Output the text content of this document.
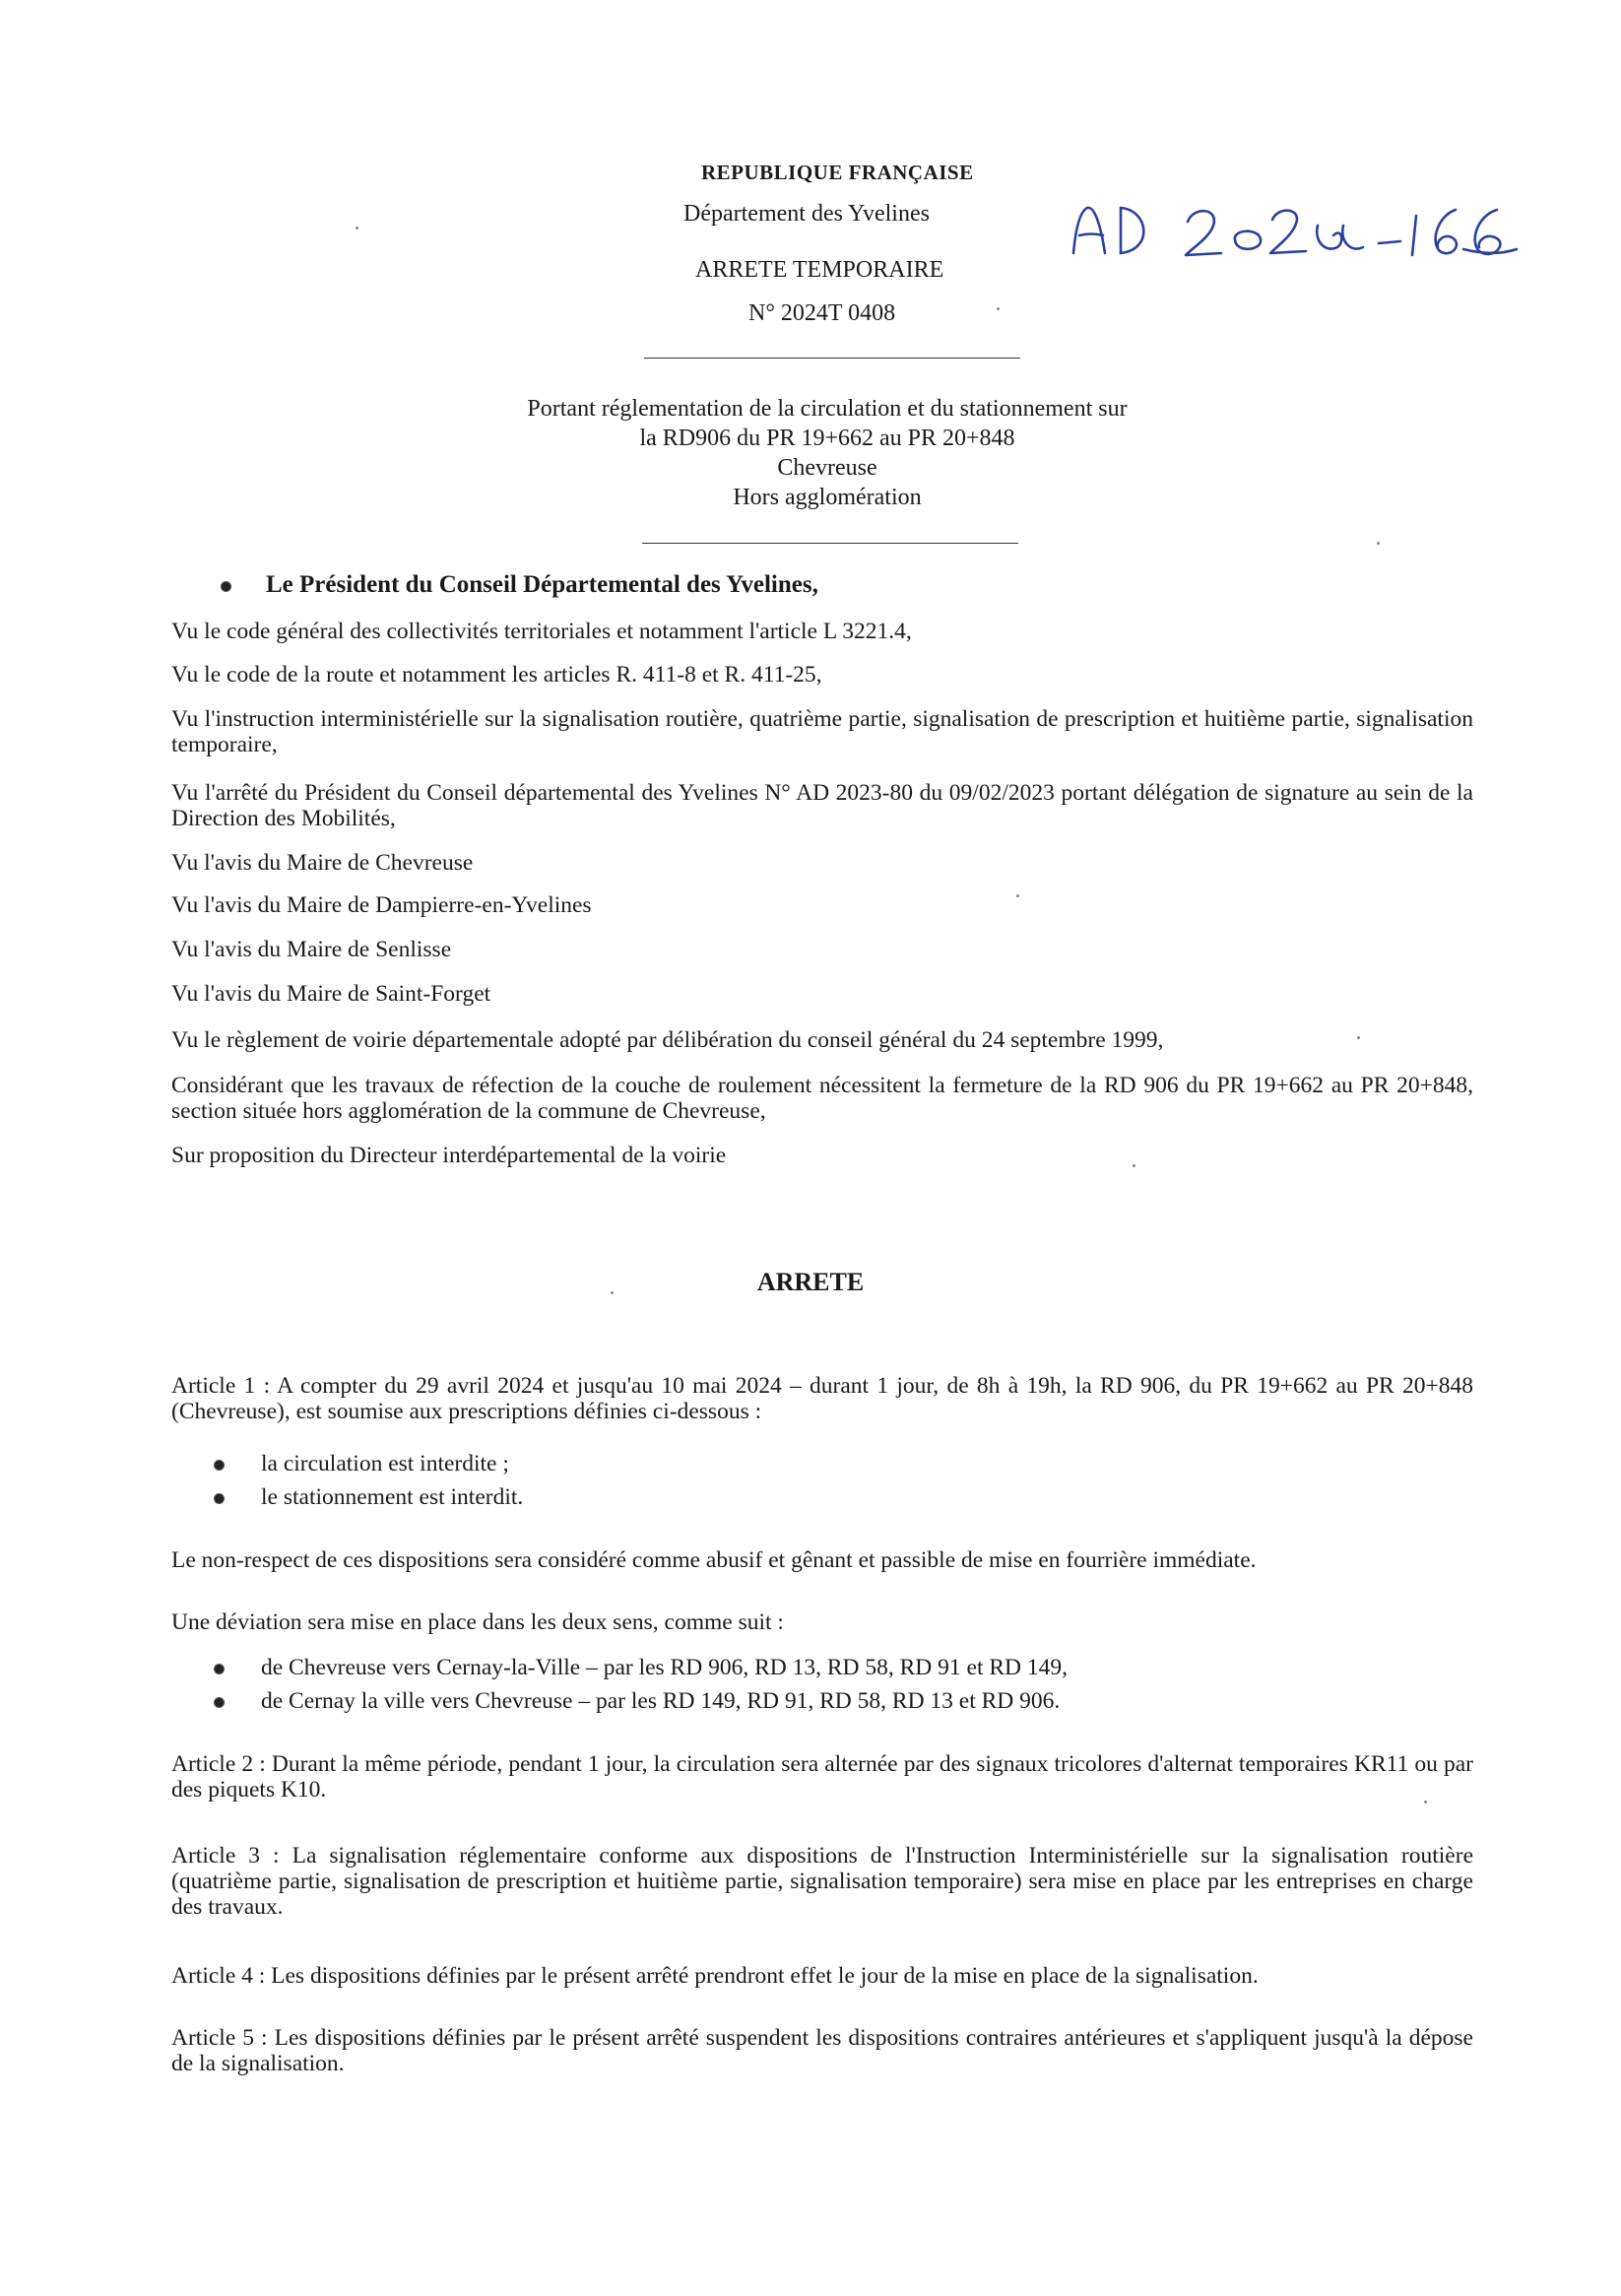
REPUBLIQUE FRANÇAISE
Département des Yvelines
ARRETE TEMPORAIRE
N° 2024T 0408
Portant réglementation de la circulation et du stationnement sur
la RD906 du PR 19+662 au PR 20+848
Chevreuse
Hors agglomération
Le Président du Conseil Départemental des Yvelines,
Vu le code général des collectivités territoriales et notamment l'article L 3221.4,
Vu le code de la route et notamment les articles R. 411-8 et R. 411-25,
Vu l'instruction interministérielle sur la signalisation routière, quatrième partie, signalisation de prescription et huitième partie, signalisation temporaire,
Vu l'arrêté du Président du Conseil départemental des Yvelines N° AD 2023-80 du 09/02/2023 portant délégation de signature au sein de la Direction des Mobilités,
Vu l'avis du Maire de Chevreuse
Vu l'avis du Maire de Dampierre-en-Yvelines
Vu l'avis du Maire de Senlisse
Vu l'avis du Maire de Saint-Forget
Vu le règlement de voirie départementale adopté par délibération du conseil général du 24 septembre 1999,
Considérant que les travaux de réfection de la couche de roulement nécessitent la fermeture de la RD 906 du PR 19+662 au PR 20+848, section située hors agglomération de la commune de Chevreuse,
Sur proposition du Directeur interdépartemental de la voirie
ARRETE
Article 1 : A compter du 29 avril 2024 et jusqu'au 10 mai 2024 – durant 1 jour, de 8h à 19h, la RD 906, du PR 19+662 au PR 20+848 (Chevreuse), est soumise aux prescriptions définies ci-dessous :
la circulation est interdite ;
le stationnement est interdit.
Le non-respect de ces dispositions sera considéré comme abusif et gênant et passible de mise en fourrière immédiate.
Une déviation sera mise en place dans les deux sens, comme suit :
de Chevreuse vers Cernay-la-Ville – par les RD 906, RD 13, RD 58, RD 91 et RD 149,
de Cernay la ville vers Chevreuse – par les RD 149, RD 91, RD 58, RD 13 et RD 906.
Article 2 : Durant la même période, pendant 1 jour, la circulation sera alternée par des signaux tricolores d'alternat temporaires KR11 ou par des piquets K10.
Article 3 : La signalisation réglementaire conforme aux dispositions de l'Instruction Interministérielle sur la signalisation routière (quatrième partie, signalisation de prescription et huitième partie, signalisation temporaire) sera mise en place par les entreprises en charge des travaux.
Article 4 : Les dispositions définies par le présent arrêté prendront effet le jour de la mise en place de la signalisation.
Article 5 : Les dispositions définies par le présent arrêté suspendent les dispositions contraires antérieures et s'appliquent jusqu'à la dépose de la signalisation.
